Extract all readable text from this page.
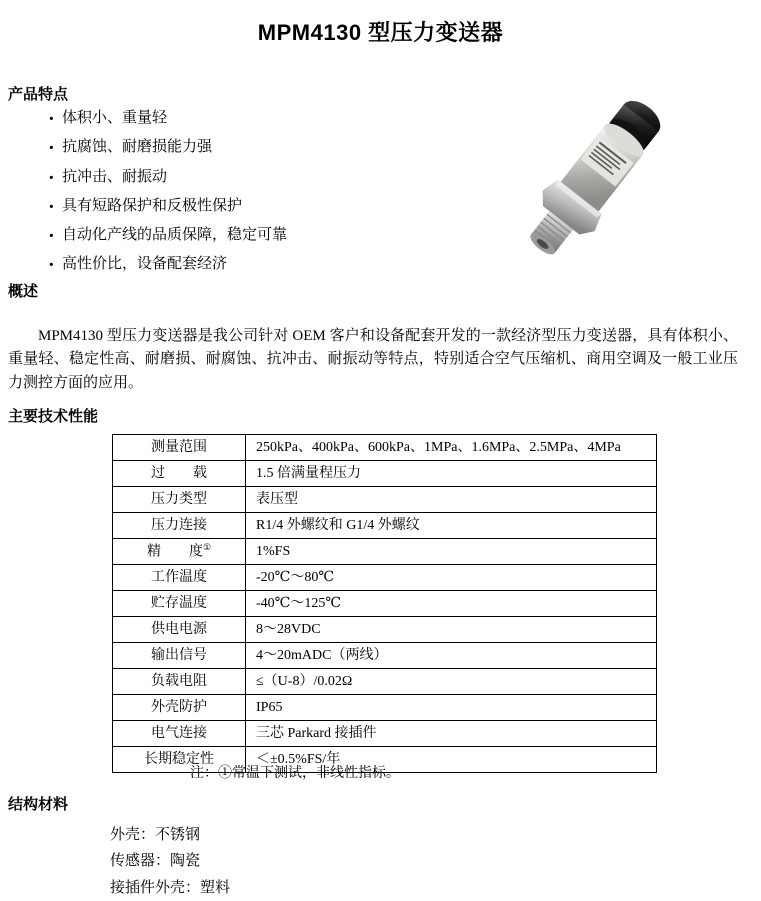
MPM4130 型压力变送器
产品特点
· 体积小、重量轻
· 抗腐蚀、耐磨损能力强
· 抗冲击、耐振动
· 具有短路保护和反极性保护
· 自动化产线的品质保障，稳定可靠
· 高性价比，设备配套经济
概述

MPM4130 型压力变送器是我公司针对 OEM 客户和设备配套开发的一款经济型压力变送器，具有体积小、重量轻、稳定性高、耐磨损、耐腐蚀、抗冲击、耐振动等特点，特别适合空气压缩机、商用空调及一般工业压力测控方面的应用。

主要技术性能
测量范围	250kPa、400kPa、600kPa、1MPa、1.6MPa、2.5MPa、4MPa
过　　载	1.5 倍满量程压力
压力类型	表压型
压力连接	R1/4 外螺纹和 G1/4 外螺纹
精　　度①	1%FS
工作温度	-20℃～80℃
贮存温度	-40℃～125℃
供电电源	8～28VDC
输出信号	4～20mADC（两线）
负载电阻	≤（U-8）/0.02Ω
外壳防护	IP65
电气连接	三芯 Parkard 接插件
长期稳定性	＜±0.5%FS/年
注：①常温下测试，非线性指标。
结构材料
外壳：不锈钢
传感器：陶瓷
接插件外壳：塑料
